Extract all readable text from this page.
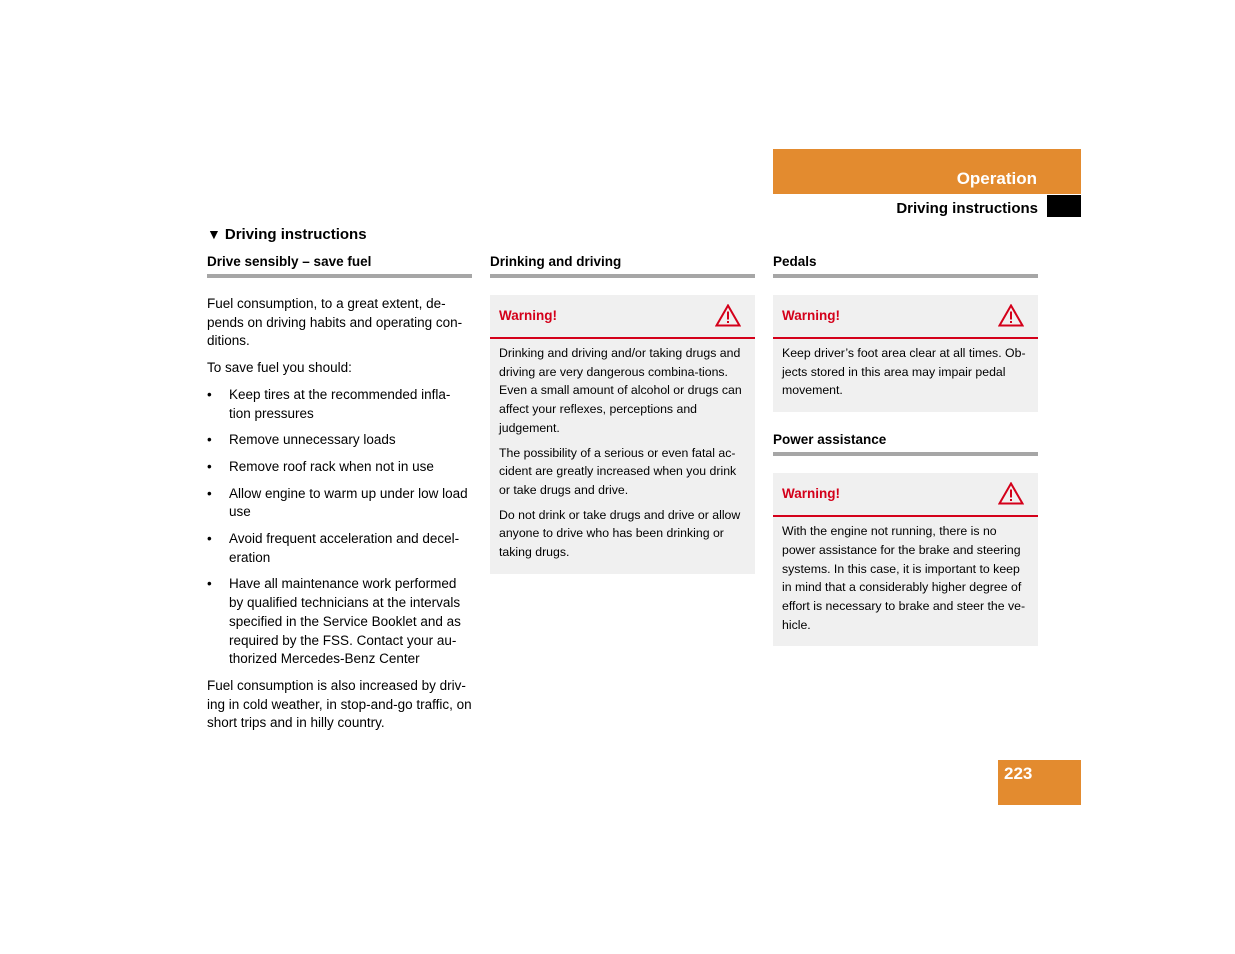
Operation
Driving instructions
▼ Driving instructions
Drive sensibly – save fuel

Fuel consumption, to a great extent, de-pends on driving habits and operating con-ditions.

To save fuel you should:

• Keep tires at the recommended infla-tion pressures
• Remove unnecessary loads
• Remove roof rack when not in use
• Allow engine to warm up under low load use
• Avoid frequent acceleration and decel-eration
• Have all maintenance work performed by qualified technicians at the intervals specified in the Service Booklet and as required by the FSS. Contact your au-thorized Mercedes-Benz Center

Fuel consumption is also increased by driv-ing in cold weather, in stop-and-go traffic, on short trips and in hilly country.

Drinking and driving
Warning!

Drinking and driving and/or taking drugs and driving are very dangerous combina-tions. Even a small amount of alcohol or drugs can affect your reflexes, perceptions and judgement.

The possibility of a serious or even fatal ac-cident are greatly increased when you drink or take drugs and drive.

Do not drink or take drugs and drive or allow anyone to drive who has been drinking or taking drugs.

Pedals
Warning!

Keep driver’s foot area clear at all times. Ob-jects stored in this area may impair pedal movement.

Power assistance
Warning!

With the engine not running, there is no power assistance for the brake and steering systems. In this case, it is important to keep in mind that a considerably higher degree of effort is necessary to brake and steer the ve-hicle.

223
